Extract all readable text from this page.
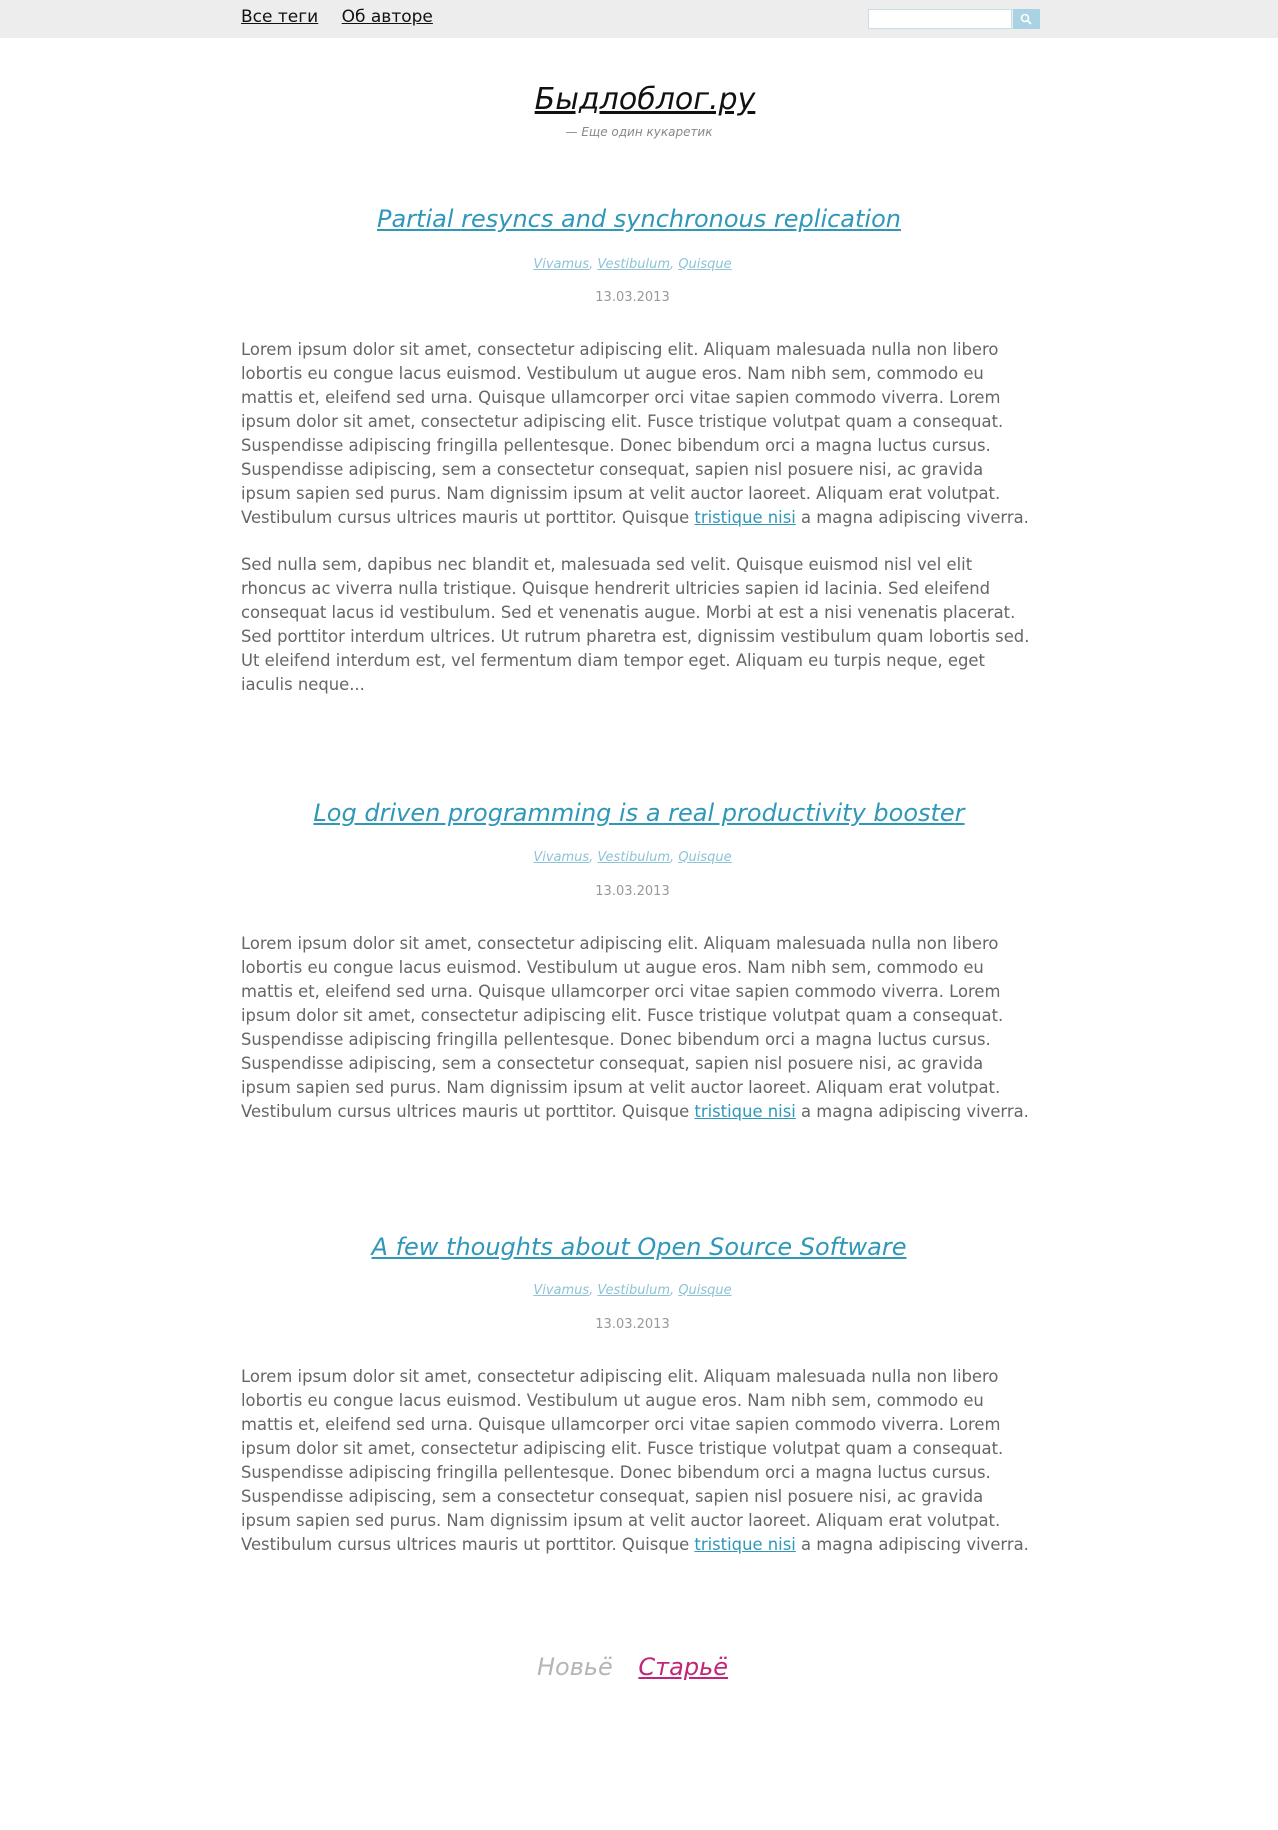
Все теги Об авторе
Быдлоблог.ру
— Еще один кукаретик
Partial resyncs and synchronous replication
Vivamus, Vestibulum, Quisque
13.03.2013

Lorem ipsum dolor sit amet, consectetur adipiscing elit. Aliquam malesuada nulla non libero lobortis eu congue lacus euismod. Vestibulum ut augue eros. Nam nibh sem, commodo eu mattis et, eleifend sed urna. Quisque ullamcorper orci vitae sapien commodo viverra. Lorem ipsum dolor sit amet, consectetur adipiscing elit. Fusce tristique volutpat quam a consequat. Suspendisse adipiscing fringilla pellentesque. Donec bibendum orci a magna luctus cursus. Suspendisse adipiscing, sem a consectetur consequat, sapien nisl posuere nisi, ac gravida ipsum sapien sed purus. Nam dignissim ipsum at velit auctor laoreet. Aliquam erat volutpat. Vestibulum cursus ultrices mauris ut porttitor. Quisque tristique nisi a magna adipiscing viverra.

Sed nulla sem, dapibus nec blandit et, malesuada sed velit. Quisque euismod nisl vel elit rhoncus ac viverra nulla tristique. Quisque hendrerit ultricies sapien id lacinia. Sed eleifend consequat lacus id vestibulum. Sed et venenatis augue. Morbi at est a nisi venenatis placerat. Sed porttitor interdum ultrices. Ut rutrum pharetra est, dignissim vestibulum quam lobortis sed. Ut eleifend interdum est, vel fermentum diam tempor eget. Aliquam eu turpis neque, eget iaculis neque...

Log driven programming is a real productivity booster
Vivamus, Vestibulum, Quisque
13.03.2013

Lorem ipsum dolor sit amet, consectetur adipiscing elit. Aliquam malesuada nulla non libero lobortis eu congue lacus euismod. Vestibulum ut augue eros. Nam nibh sem, commodo eu mattis et, eleifend sed urna. Quisque ullamcorper orci vitae sapien commodo viverra. Lorem ipsum dolor sit amet, consectetur adipiscing elit. Fusce tristique volutpat quam a consequat. Suspendisse adipiscing fringilla pellentesque. Donec bibendum orci a magna luctus cursus. Suspendisse adipiscing, sem a consectetur consequat, sapien nisl posuere nisi, ac gravida ipsum sapien sed purus. Nam dignissim ipsum at velit auctor laoreet. Aliquam erat volutpat. Vestibulum cursus ultrices mauris ut porttitor. Quisque tristique nisi a magna adipiscing viverra.

A few thoughts about Open Source Software
Vivamus, Vestibulum, Quisque
13.03.2013

Lorem ipsum dolor sit amet, consectetur adipiscing elit. Aliquam malesuada nulla non libero lobortis eu congue lacus euismod. Vestibulum ut augue eros. Nam nibh sem, commodo eu mattis et, eleifend sed urna. Quisque ullamcorper orci vitae sapien commodo viverra. Lorem ipsum dolor sit amet, consectetur adipiscing elit. Fusce tristique volutpat quam a consequat. Suspendisse adipiscing fringilla pellentesque. Donec bibendum orci a magna luctus cursus. Suspendisse adipiscing, sem a consectetur consequat, sapien nisl posuere nisi, ac gravida ipsum sapien sed purus. Nam dignissim ipsum at velit auctor laoreet. Aliquam erat volutpat. Vestibulum cursus ultrices mauris ut porttitor. Quisque tristique nisi a magna adipiscing viverra.

Новьё Старьё
